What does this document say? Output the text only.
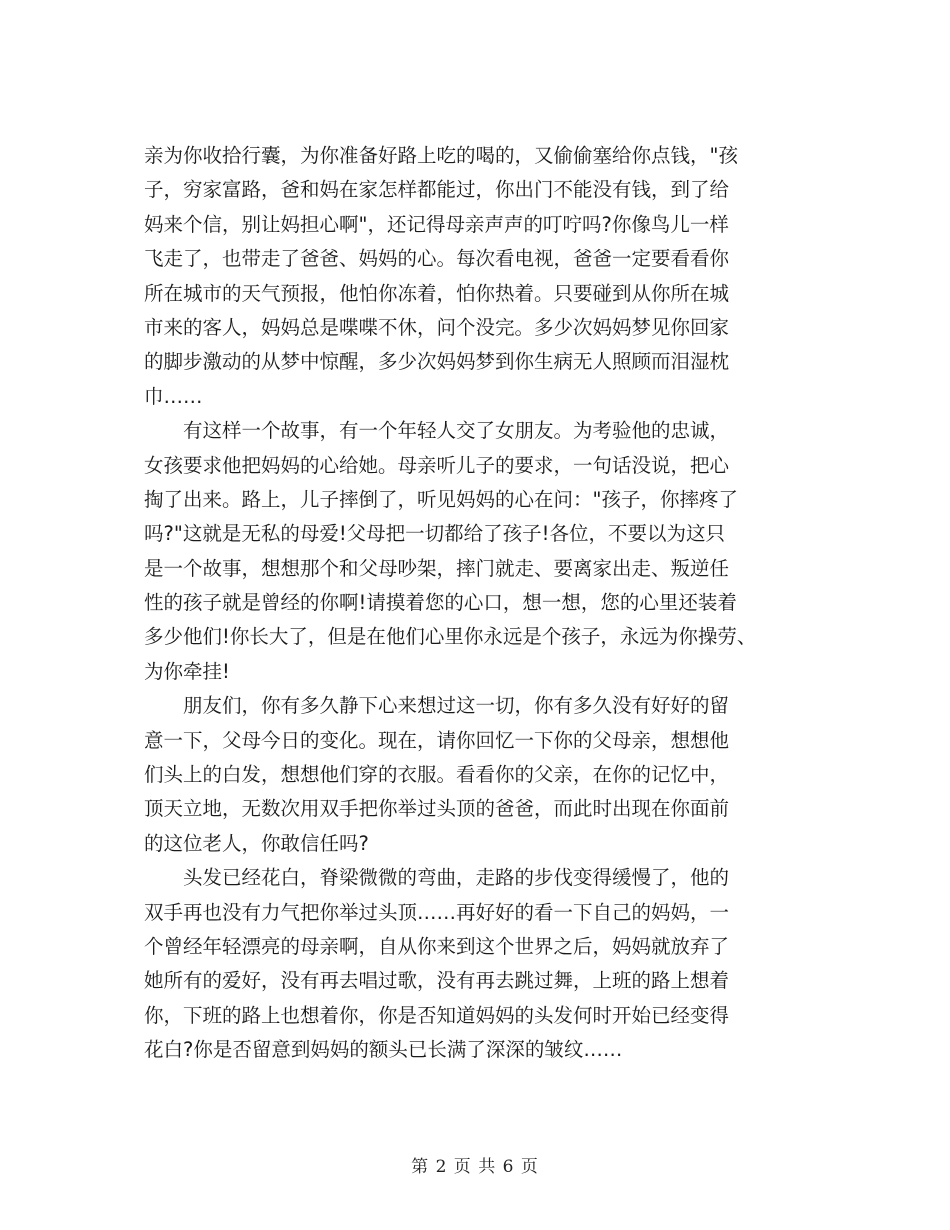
亲为你收拾行囊，为你准备好路上吃的喝的，又偷偷塞给你点钱，"孩
子，穷家富路，爸和妈在家怎样都能过，你出门不能没有钱，到了给
妈来个信，别让妈担心啊"，还记得母亲声声的叮咛吗?你像鸟儿一样
飞走了，也带走了爸爸、妈妈的心。每次看电视，爸爸一定要看看你
所在城市的天气预报，他怕你冻着，怕你热着。只要碰到从你所在城
市来的客人，妈妈总是喋喋不休，问个没完。多少次妈妈梦见你回家
的脚步激动的从梦中惊醒，多少次妈妈梦到你生病无人照顾而泪湿枕
巾……
　　有这样一个故事，有一个年轻人交了女朋友。为考验他的忠诚，
女孩要求他把妈妈的心给她。母亲听儿子的要求，一句话没说，把心
掏了出来。路上，儿子摔倒了，听见妈妈的心在问："孩子，你摔疼了
吗?"这就是无私的母爱!父母把一切都给了孩子!各位，不要以为这只
是一个故事，想想那个和父母吵架，摔门就走、要离家出走、叛逆任
性的孩子就是曾经的你啊!请摸着您的心口，想一想，您的心里还装着
多少他们!你长大了，但是在他们心里你永远是个孩子，永远为你操劳、
为你牵挂!
　　朋友们，你有多久静下心来想过这一切，你有多久没有好好的留
意一下，父母今日的变化。现在，请你回忆一下你的父母亲，想想他
们头上的白发，想想他们穿的衣服。看看你的父亲，在你的记忆中，
顶天立地，无数次用双手把你举过头顶的爸爸，而此时出现在你面前
的这位老人，你敢信任吗?
　　头发已经花白，脊梁微微的弯曲，走路的步伐变得缓慢了，他的
双手再也没有力气把你举过头顶……再好好的看一下自己的妈妈，一
个曾经年轻漂亮的母亲啊，自从你来到这个世界之后，妈妈就放弃了
她所有的爱好，没有再去唱过歌，没有再去跳过舞，上班的路上想着
你，下班的路上也想着你，你是否知道妈妈的头发何时开始已经变得
花白?你是否留意到妈妈的额头已长满了深深的皱纹……
第 2 页 共 6 页
